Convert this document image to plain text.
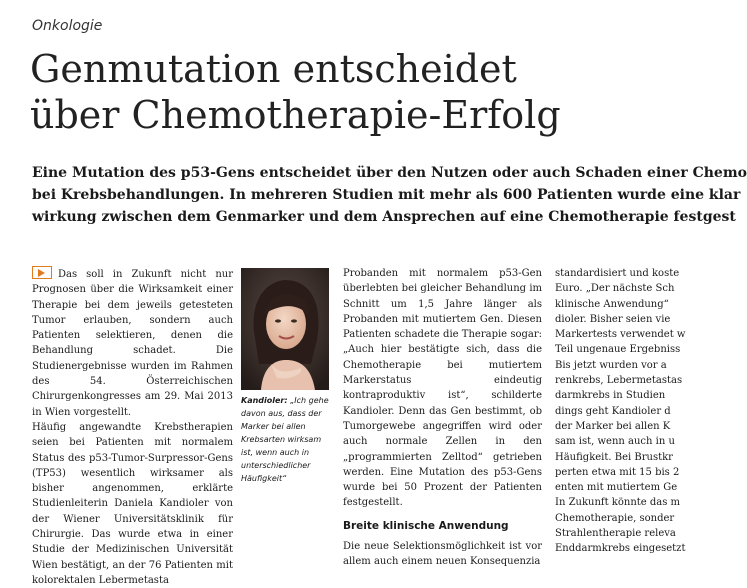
Onkologie
Genmutation entscheidet
über Chemotherapie-Erfolg

Eine Mutation des p53-Gens entscheidet über den Nutzen oder auch Schaden einer Chemo
bei Krebsbehandlungen. In mehreren Studien mit mehr als 600 Patienten wurde eine klar
wirkung zwischen dem Genmarker und dem Ansprechen auf eine Chemotherapie festgest

Das soll in Zukunft nicht nur Prognosen über die Wirksamkeit einer Therapie bei dem jeweils getesteten Tumor erlauben, sondern auch Patienten selektieren, denen die Behandlung schadet. Die Studienergebnisse wurden im Rahmen des 54. Österreichischen Chirurgenkongresses am 29. Mai 2013 in Wien vorgestellt.

Häufig angewandte Krebstherapien seien bei Patienten mit normalem Status des p53-Tumor-Surpressor-Gens (TP53) wesentlich wirksamer als bisher angenommen, erklärte Studienleiterin Daniela Kandioler von der Wiener Universitätsklinik für Chirurgie. Das wurde etwa in einer Studie der Medizinischen Universität Wien bestätigt, an der 76 Patienten mit kolorektalen Lebermetasta

Kandioler: „Ich gehe davon aus, dass der Marker bei allen Krebsarten wirksam ist, wenn auch in unterschiedlicher Häufigkeit“

Probanden mit normalem p53-Gen überlebten bei gleicher Behandlung im Schnitt um 1,5 Jahre länger als Probanden mit mutiertem Gen. Diesen Patienten schadete die Therapie sogar: „Auch hier bestätigte sich, dass die Chemotherapie bei mutiertem Markerstatus eindeutig kontraproduktiv ist“, schilderte Kandioler. Denn das Gen bestimmt, ob Tumorgewebe angegriffen wird oder auch normale Zellen in den „programmierten Zelltod“ getrieben werden. Eine Mutation des p53-Gens wurde bei 50 Prozent der Patienten festgestellt.

Breite klinische Anwendung

Die neue Selektionsmöglichkeit ist vor allem auch einem neuen Konsequenzia

standardisiert und koste
Euro. „Der nächste Sch
klinische Anwendung“
dioler. Bisher seien vie
Markertests verwendet w
Teil ungenaue Ergebniss
Bis jetzt wurden vor a
renkrebs, Lebermetastas
darmkrebs in Studien
dings geht Kandioler d
der Marker bei allen K
sam ist, wenn auch in u
Häufigkeit. Bei Brustkr
perten etwa mit 15 bis 2
enten mit mutiertem Ge
In Zukunft könnte das m
Chemotherapie, sonder
Strahlentherapie releva
Enddarmkrebs eingesetzt
